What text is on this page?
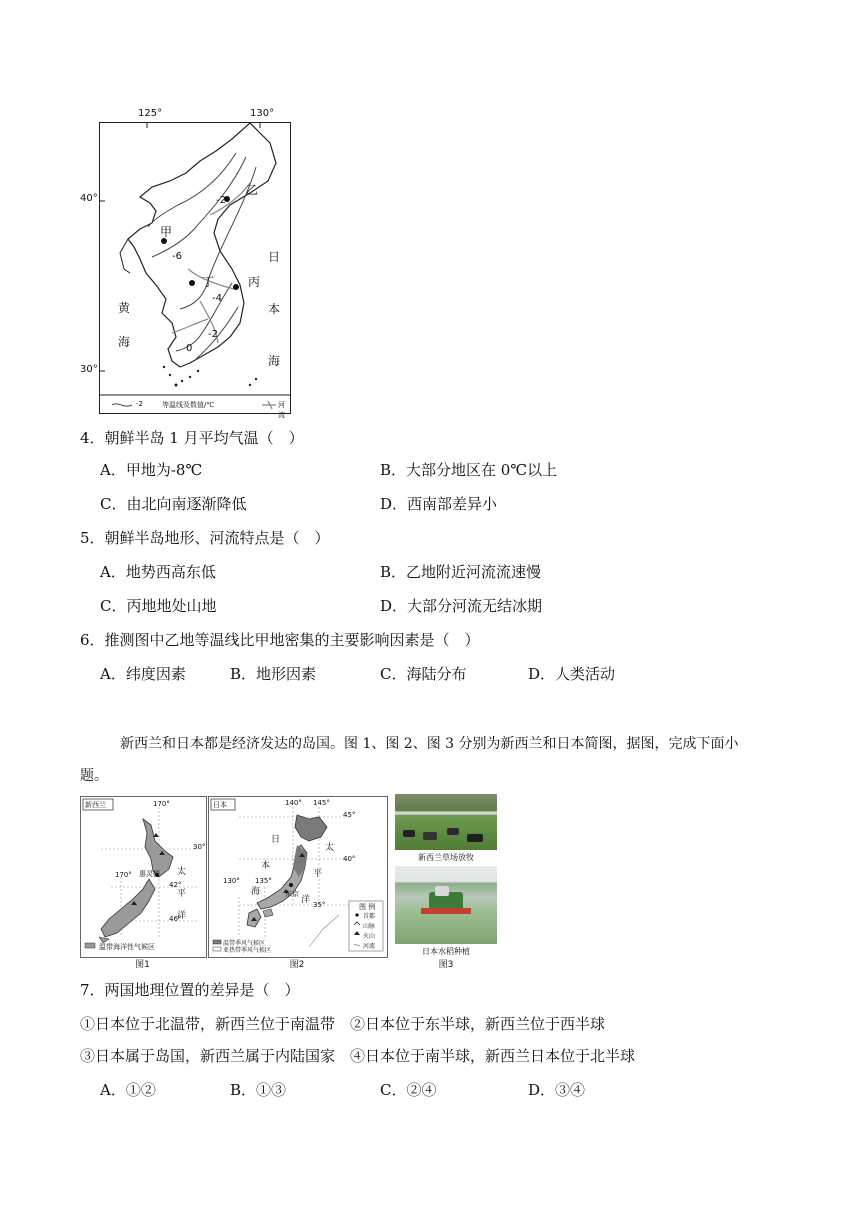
125°	130°
40°
30°
乙
甲
丙
丁
-2
-6
-4
-2
0
黄
海
日
本
海
-2	等温线及数值/℃	河流
4．朝鲜半岛 1 月平均气温（　）
A．甲地为-8℃	B．大部分地区在 0℃以上
C．由北向南逐渐降低	D．西南部差异小
5．朝鲜半岛地形、河流特点是（　）
A．地势西高东低	B．乙地附近河流流速慢
C．丙地地处山地	D．大部分河流无结冰期
6．推测图中乙地等温线比甲地密集的主要影响因素是（　）
A．纬度因素	B．地形因素	C．海陆分布	D．人类活动
新西兰和日本都是经济发达的岛国。图 1、图 2、图 3 分别为新西兰和日本简图，据图，完成下面小
题。
新西兰	170°
170°
30°
42°
46°
惠灵顿 太
平
洋
温带海洋性气候区
图1
日本	140° 145°
130° 135°
45°
40°
35°
日
本
海
太
平
洋
东京
图 例
首都
山脉
火山
河流
温带季风气候区
亚热带季风气候区
图2
新西兰草场放牧
日本水稻种植
图3
7．两国地理位置的差异是（　）
①日本位于北温带，新西兰位于南温带　②日本位于东半球，新西兰位于西半球
③日本属于岛国，新西兰属于内陆国家　④日本位于南半球，新西兰日本位于北半球
A．①②	B．①③	C．②④	D．③④
